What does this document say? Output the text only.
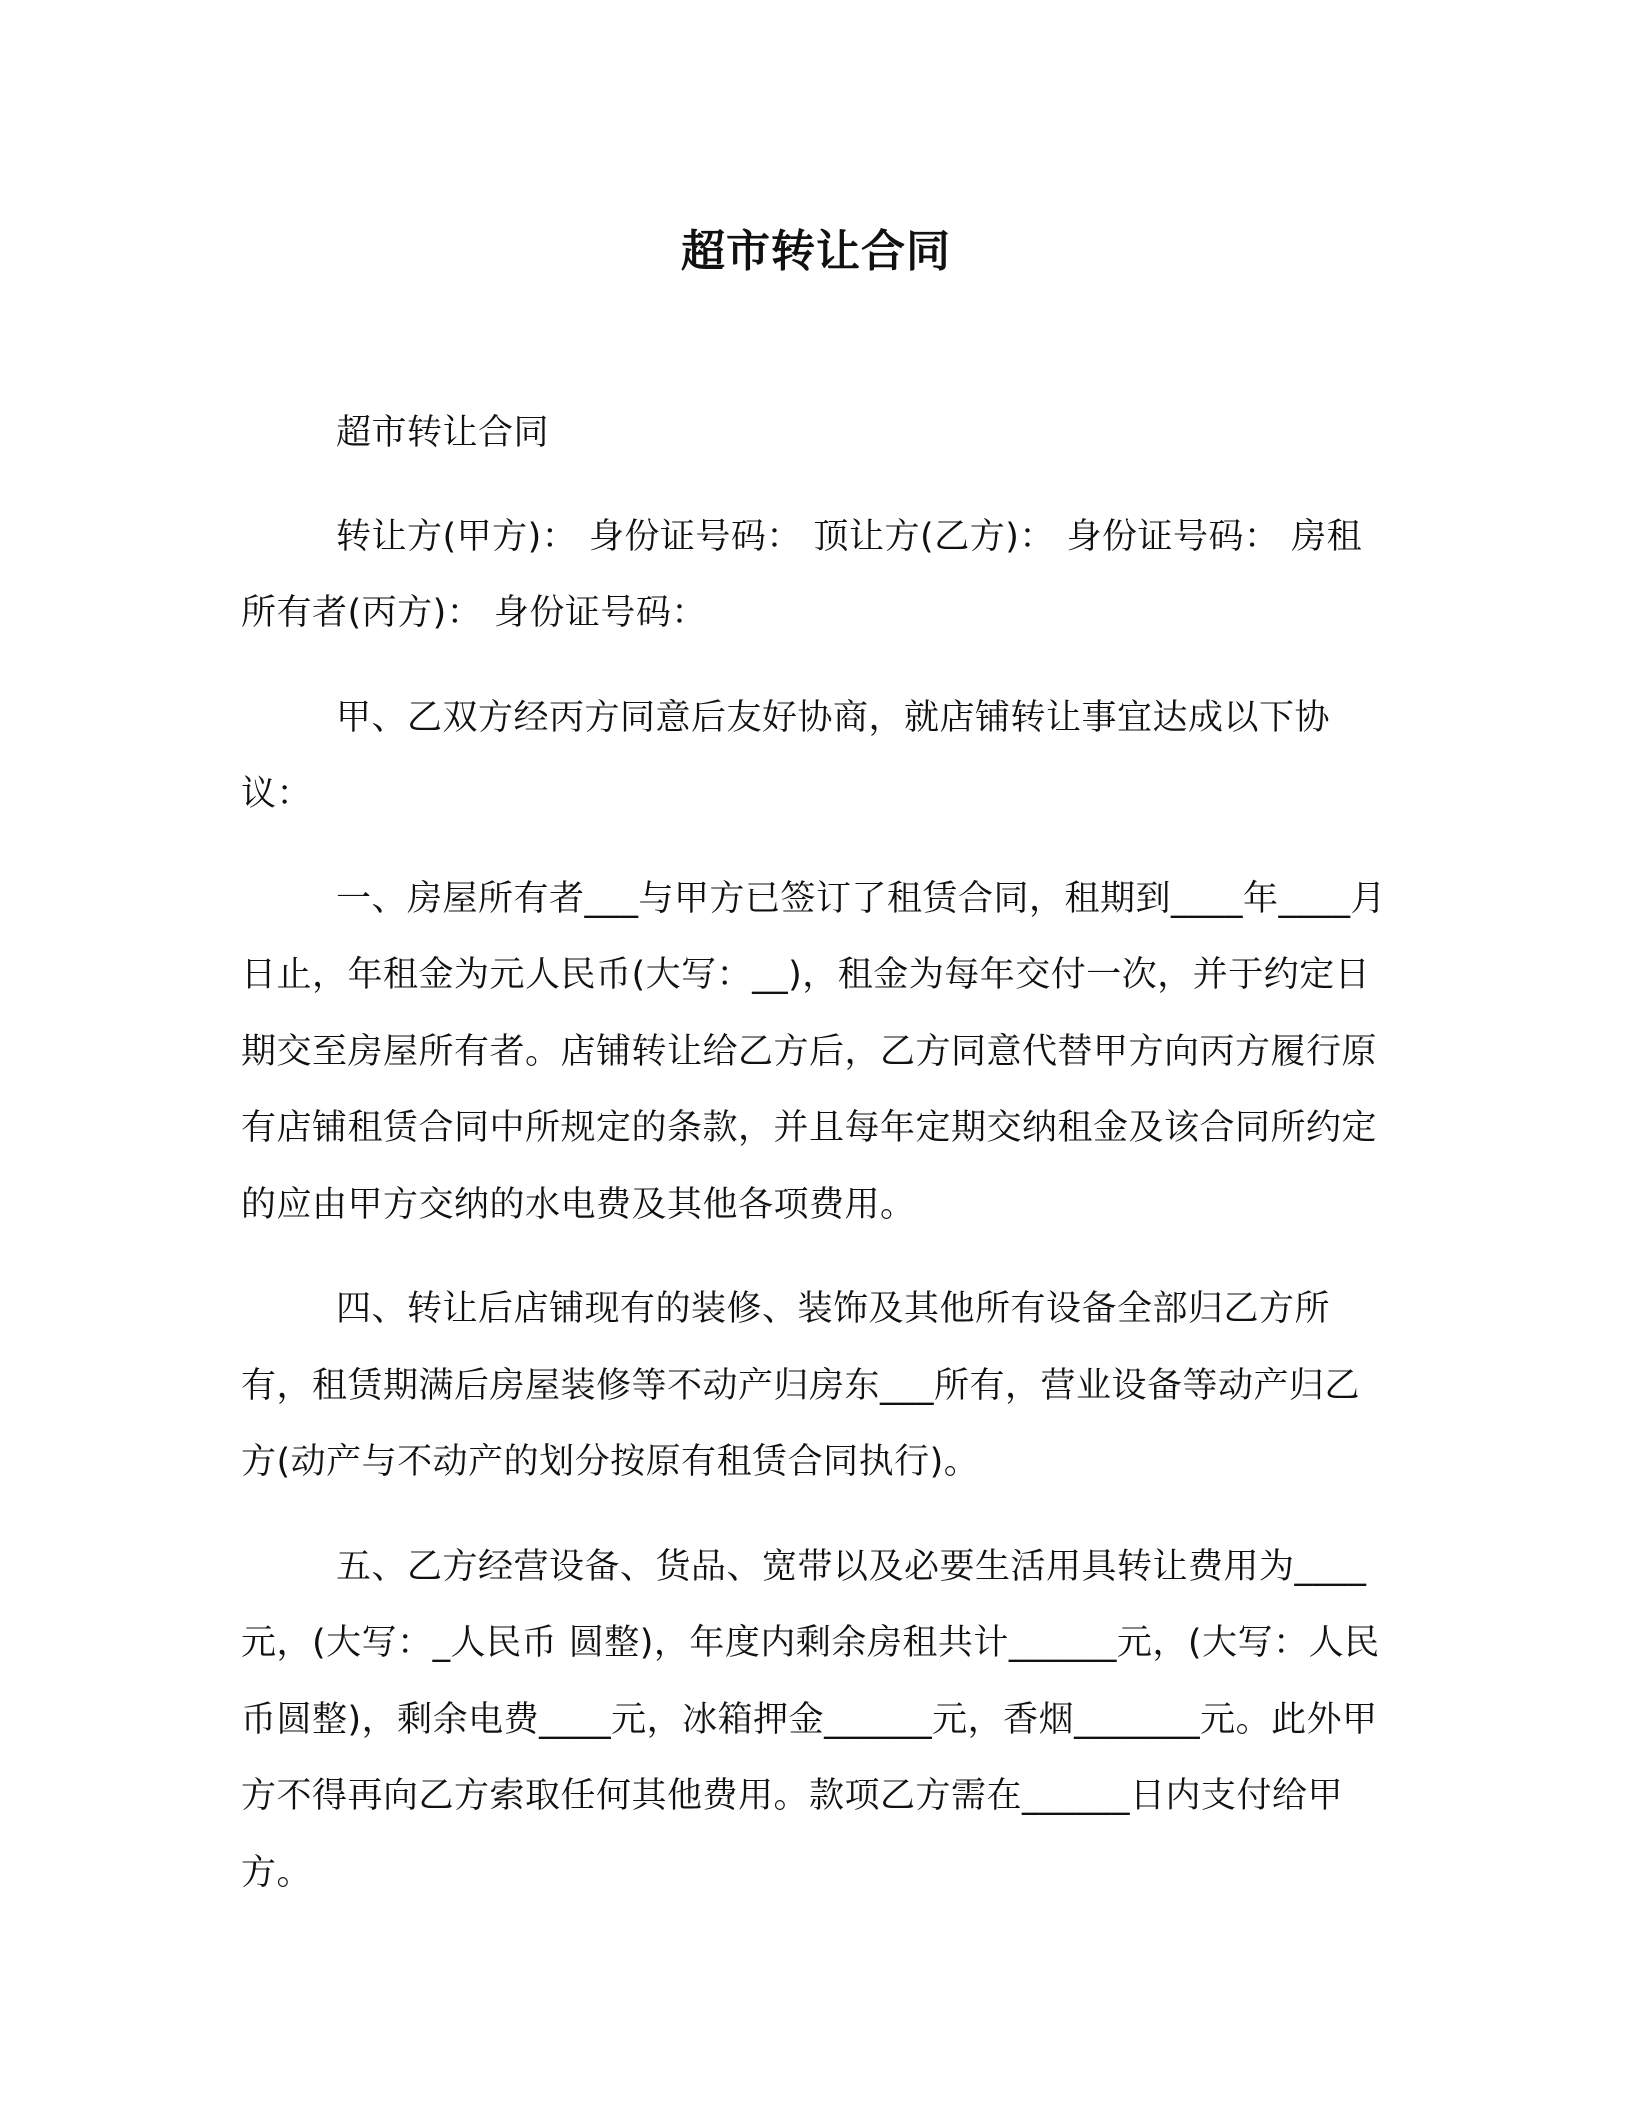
超市转让合同

超市转让合同

转让方(甲方)： 身份证号码： 顶让方(乙方)： 身份证号码： 房租所有者(丙方)： 身份证号码：

甲、乙双方经丙方同意后友好协商，就店铺转让事宜达成以下协议：

一、房屋所有者___与甲方已签订了租赁合同，租期到____年____月日止，年租金为元人民币(大写：__)，租金为每年交付一次，并于约定日期交至房屋所有者。店铺转让给乙方后，乙方同意代替甲方向丙方履行原有店铺租赁合同中所规定的条款，并且每年定期交纳租金及该合同所约定的应由甲方交纳的水电费及其他各项费用。

四、转让后店铺现有的装修、装饰及其他所有设备全部归乙方所有，租赁期满后房屋装修等不动产归房东___所有，营业设备等动产归乙方(动产与不动产的划分按原有租赁合同执行)。

五、乙方经营设备、货品、宽带以及必要生活用具转让费用为____元，(大写：_人民币 圆整)，年度内剩余房租共计______元，(大写：人民币圆整)，剩余电费____元，冰箱押金______元，香烟_______元。此外甲方不得再向乙方索取任何其他费用。款项乙方需在______日内支付给甲方。
